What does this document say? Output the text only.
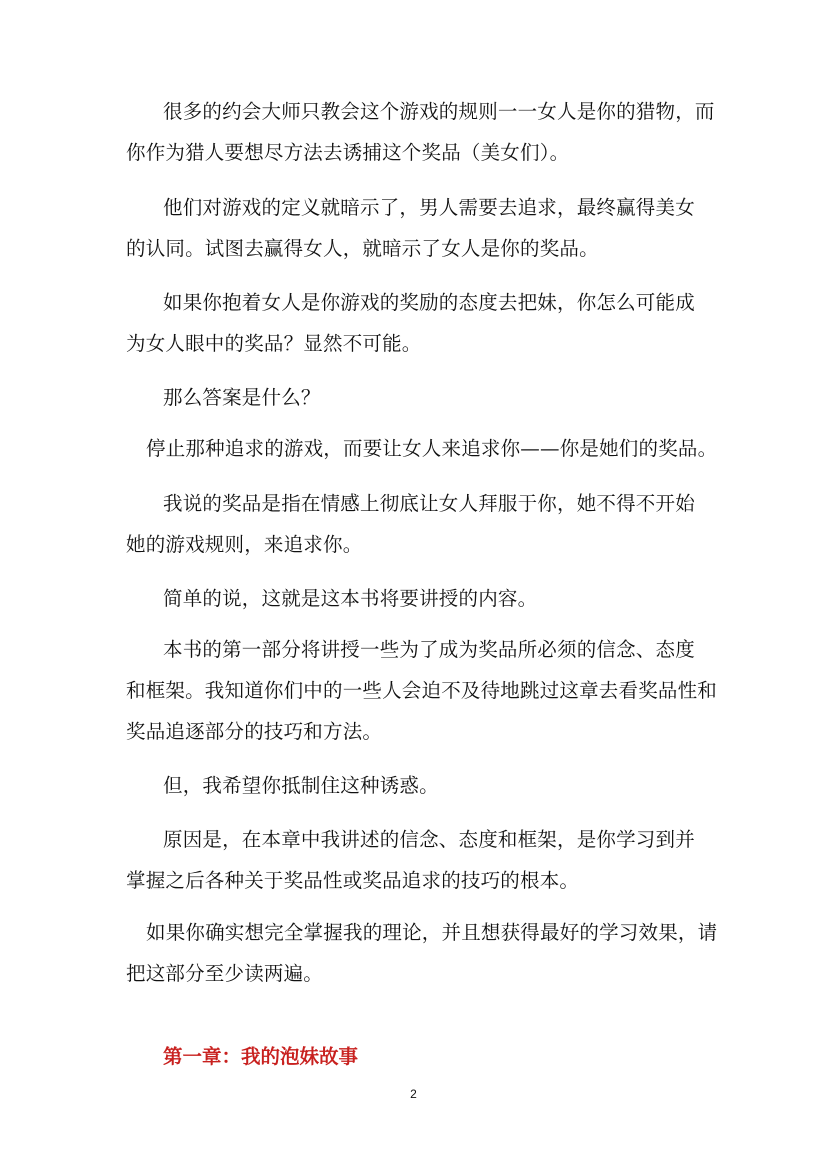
很多的约会大师只教会这个游戏的规则一一女人是你的猎物，而
你作为猎人要想尽方法去诱捕这个奖品（美女们）。
他们对游戏的定义就暗示了，男人需要去追求，最终赢得美女
的认同。试图去赢得女人，就暗示了女人是你的奖品。
如果你抱着女人是你游戏的奖励的态度去把妹，你怎么可能成
为女人眼中的奖品？显然不可能。
那么答案是什么？
停止那种追求的游戏，而要让女人来追求你——你是她们的奖品。
我说的奖品是指在情感上彻底让女人拜服于你，她不得不开始
她的游戏规则，来追求你。
简单的说，这就是这本书将要讲授的内容。
本书的第一部分将讲授一些为了成为奖品所必须的信念、态度
和框架。我知道你们中的一些人会迫不及待地跳过这章去看奖品性和
奖品追逐部分的技巧和方法。
但，我希望你抵制住这种诱惑。
原因是，在本章中我讲述的信念、态度和框架，是你学习到并
掌握之后各种关于奖品性或奖品追求的技巧的根本。
如果你确实想完全掌握我的理论，并且想获得最好的学习效果，请
把这部分至少读两遍。
第一章：我的泡妹故事
2
